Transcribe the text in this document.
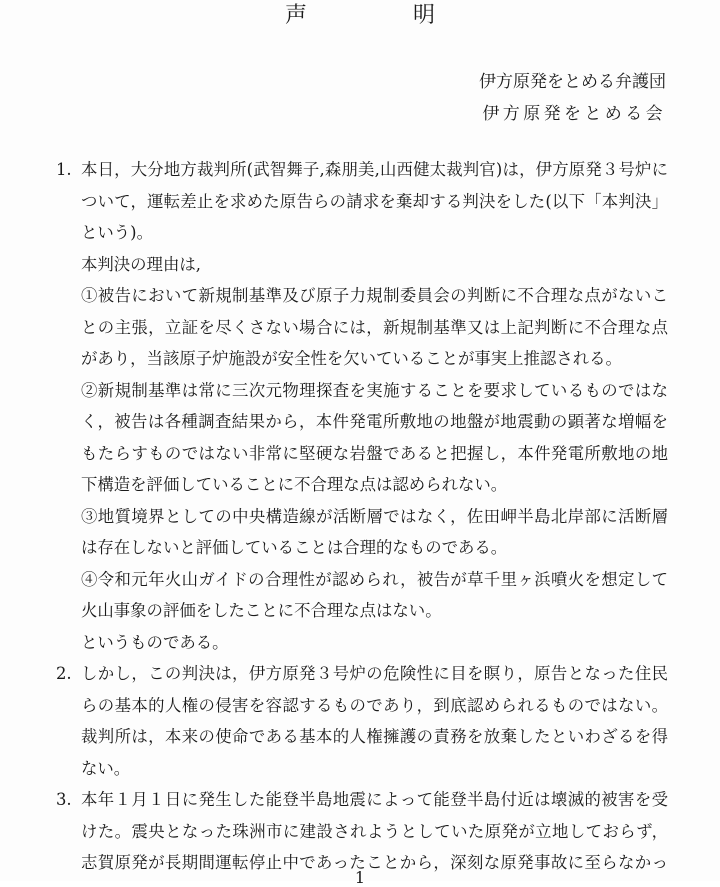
声　明
伊方原発をとめる弁護団
伊方原発をとめる会
1. 本日，大分地方裁判所(武智舞子,森朋美,山西健太裁判官)は，伊方原発３号炉に
ついて，運転差止を求めた原告らの請求を棄却する判決をした(以下「本判決」
という)。
本判決の理由は,
①被告において新規制基準及び原子力規制委員会の判断に不合理な点がないこ
との主張，立証を尽くさない場合には，新規制基準又は上記判断に不合理な点
があり，当該原子炉施設が安全性を欠いていることが事実上推認される。
②新規制基準は常に三次元物理探査を実施することを要求しているものではな
く，被告は各種調査結果から，本件発電所敷地の地盤が地震動の顕著な増幅を
もたらすものではない非常に堅硬な岩盤であると把握し，本件発電所敷地の地
下構造を評価していることに不合理な点は認められない。
③地質境界としての中央構造線が活断層ではなく，佐田岬半島北岸部に活断層
は存在しないと評価していることは合理的なものである。
④令和元年火山ガイドの合理性が認められ，被告が草千里ヶ浜噴火を想定して
火山事象の評価をしたことに不合理な点はない。
というものである。
2. しかし，この判決は，伊方原発３号炉の危険性に目を瞑り，原告となった住民
らの基本的人権の侵害を容認するものであり，到底認められるものではない。
裁判所は，本来の使命である基本的人権擁護の責務を放棄したといわざるを得
ない。
3. 本年１月１日に発生した能登半島地震によって能登半島付近は壊滅的被害を受
けた。震央となった珠洲市に建設されようとしていた原発が立地しておらず，
志賀原発が長期間運転停止中であったことから，深刻な原発事故に至らなかっ
1
